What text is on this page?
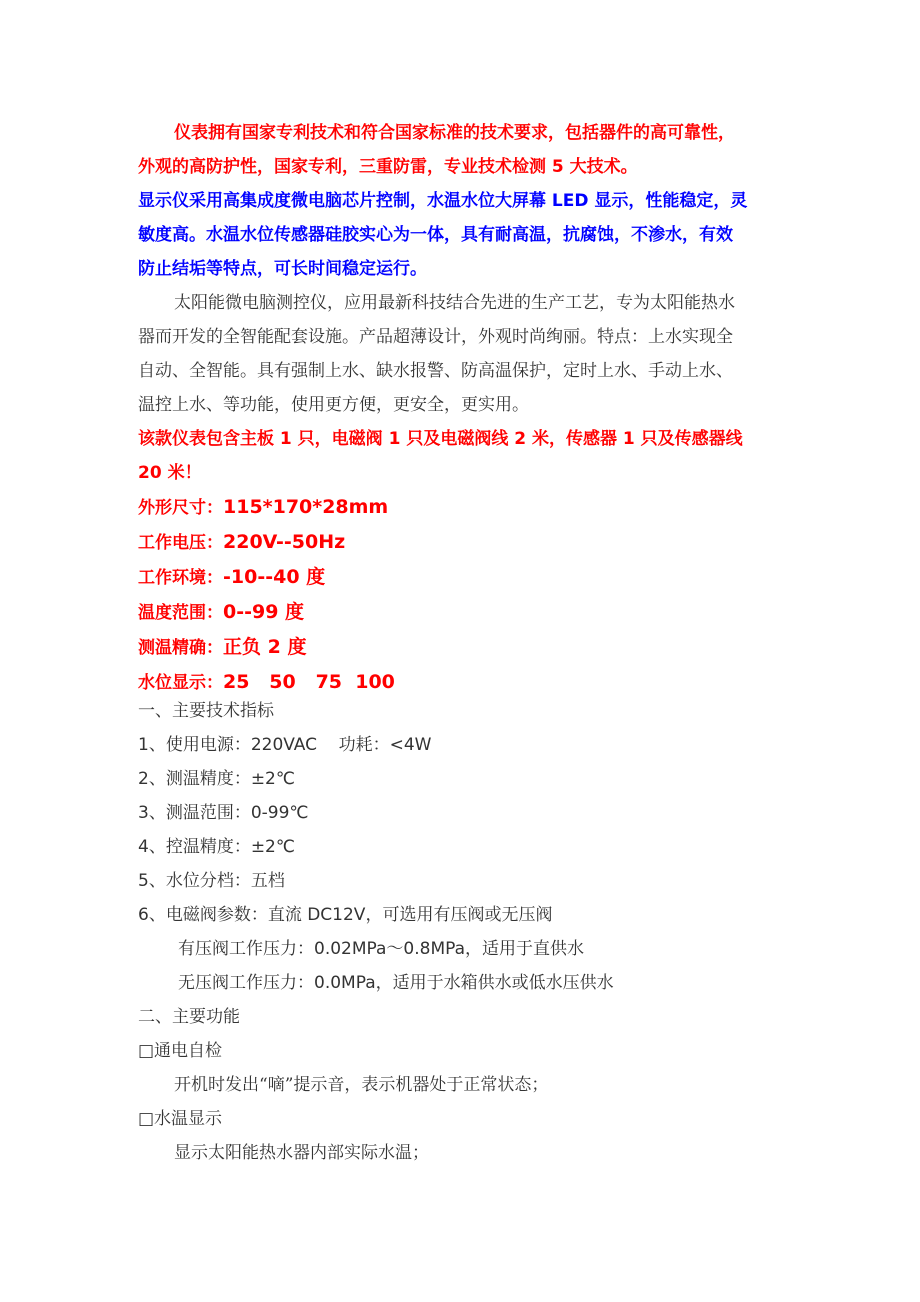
仪表拥有国家专利技术和符合国家标准的技术要求，包括器件的高可靠性，

外观的高防护性，国家专利，三重防雷，专业技术检测 5 大技术。

显示仪采用高集成度微电脑芯片控制，水温水位大屏幕 LED 显示，性能稳定，灵

敏度高。水温水位传感器硅胶实心为一体，具有耐高温，抗腐蚀，不渗水，有效

防止结垢等特点，可长时间稳定运行。

太阳能微电脑测控仪，应用最新科技结合先进的生产工艺，专为太阳能热水

器而开发的全智能配套设施。产品超薄设计，外观时尚绚丽。特点：上水实现全

自动、全智能。具有强制上水、缺水报警、防高温保护，定时上水、手动上水、

温控上水、等功能，使用更方便，更安全，更实用。

该款仪表包含主板 1 只，电磁阀 1 只及电磁阀线 2 米，传感器 1 只及传感器线

20 米！

外形尺寸：115*170*28mm

工作电压：220V--50Hz

工作环境：-10--40 度

温度范围：0--99 度

测温精确：正负 2 度

水位显示：25   50   75  100

一、主要技术指标

1、使用电源：220VAC    功耗：<4W

2、测温精度：±2℃

3、测温范围：0-99℃

4、控温精度：±2℃

5、水位分档：五档

6、电磁阀参数：直流 DC12V，可选用有压阀或无压阀

有压阀工作压力：0.02MPa～0.8MPa，适用于直供水

无压阀工作压力：0.0MPa，适用于水箱供水或低水压供水

二、主要功能

□通电自检

开机时发出“嘀”提示音，表示机器处于正常状态；

□水温显示

显示太阳能热水器内部实际水温；
